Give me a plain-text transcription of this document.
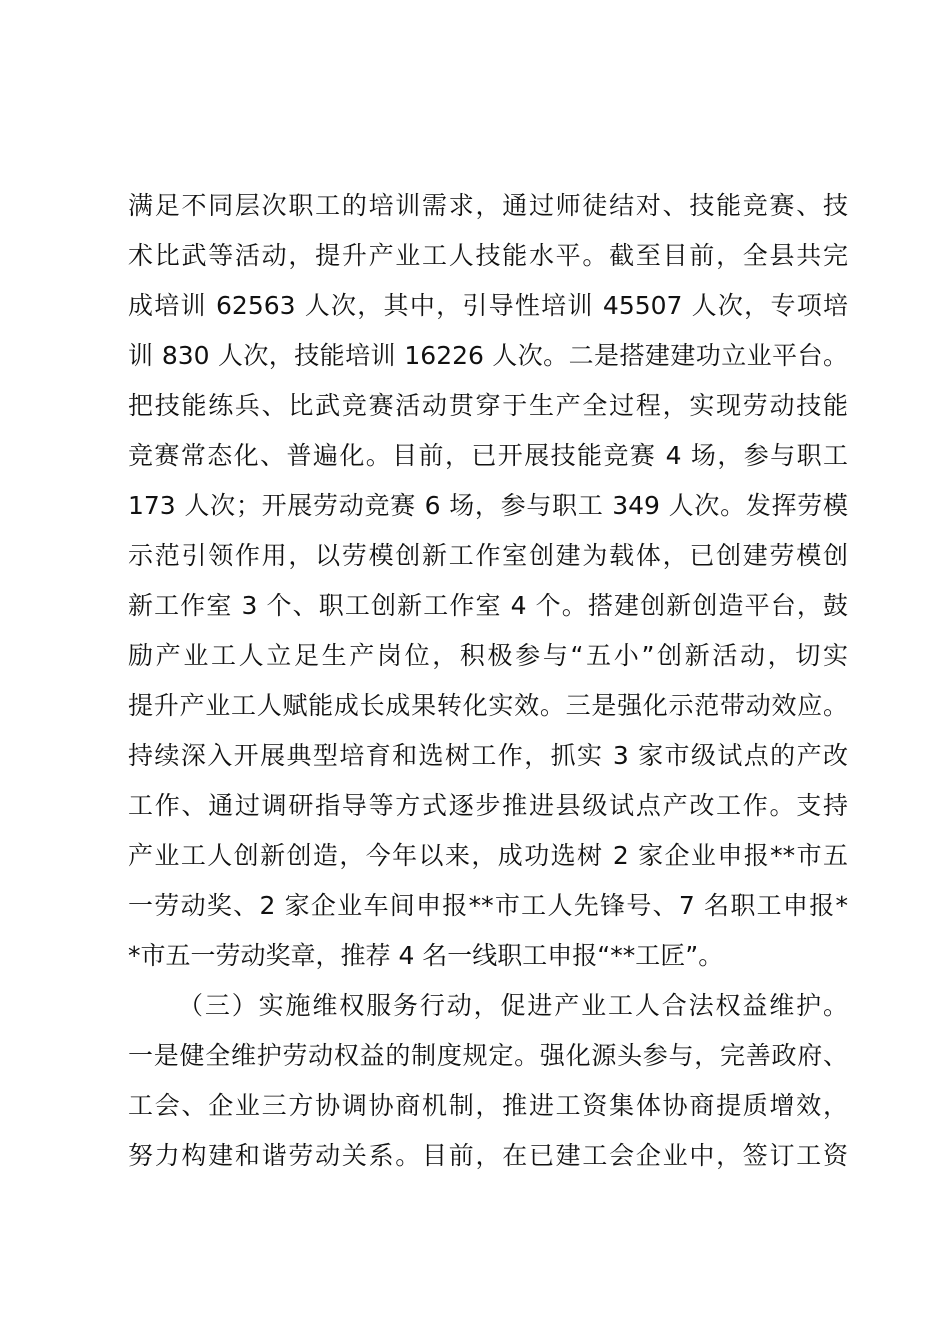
满足不同层次职工的培训需求，通过师徒结对、技能竞赛、技
术比武等活动，提升产业工人技能水平。截至目前，全县共完
成培训 62563 人次，其中，引导性培训 45507 人次，专项培
训 830 人次，技能培训 16226 人次。二是搭建建功立业平台。
把技能练兵、比武竞赛活动贯穿于生产全过程，实现劳动技能
竞赛常态化、普遍化。目前，已开展技能竞赛 4 场，参与职工
173 人次；开展劳动竞赛 6 场，参与职工 349 人次。发挥劳模
示范引领作用，以劳模创新工作室创建为载体，已创建劳模创
新工作室 3 个、职工创新工作室 4 个。搭建创新创造平台，鼓
励产业工人立足生产岗位，积极参与“五小”创新活动，切实
提升产业工人赋能成长成果转化实效。三是强化示范带动效应。
持续深入开展典型培育和选树工作，抓实 3 家市级试点的产改
工作、通过调研指导等方式逐步推进县级试点产改工作。支持
产业工人创新创造，今年以来，成功选树 2 家企业申报**市五
一劳动奖、2 家企业车间申报**市工人先锋号、7 名职工申报*
*市五一劳动奖章，推荐 4 名一线职工申报“**工匠”。
（三）实施维权服务行动，促进产业工人合法权益维护。
一是健全维护劳动权益的制度规定。强化源头参与，完善政府、
工会、企业三方协调协商机制，推进工资集体协商提质增效，
努力构建和谐劳动关系。目前，在已建工会企业中，签订工资
